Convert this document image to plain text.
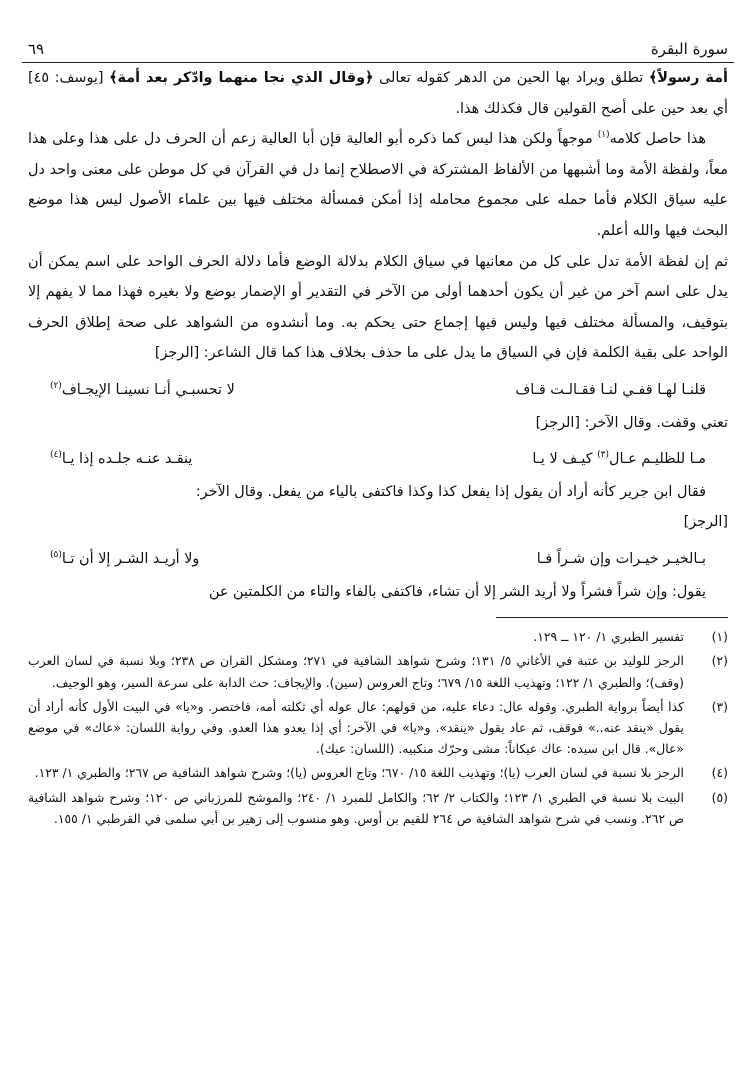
سورة البقرة
٦٩

أمة رسولاً﴾ تطلق ويراد بها الحين من الدهر كقوله تعالى ﴿وقال الذي نجا منهما وادّكر بعد أمة﴾ [يوسف: ٤٥] أي بعد حين على أصح القولين قال فكذلك هذا.

هذا حاصل كلامه$^{(١)}$ موجهاً ولكن هذا ليس كما ذكره أبو العالية فإن أبا العالية زعم أن الحرف دل على هذا وعلى هذا معاً، ولفظة الأمة وما أشبهها من الألفاظ المشتركة في الاصطلاح إنما دل في القرآن في كل موطن على معنى واحد دل عليه سياق الكلام فأما حمله على مجموع محامله إذا أمكن فمسألة مختلف فيها بين علماء الأصول ليس هذا موضع البحث فيها والله أعلم.

ثم إن لفظة الأمة تدل على كل من معانيها في سياق الكلام بدلالة الوضع فأما دلالة الحرف الواحد على اسم يمكن أن يدل على اسم آخر من غير أن يكون أحدهما أولى من الآخر في التقدير أو الإضمار بوضع ولا بغيره فهذا مما لا يفهم إلا بتوقيف، والمسألة مختلف فيها وليس فيها إجماع حتى يحكم به. وما أنشدوه من الشواهد على صحة إطلاق الحرف الواحد على بقية الكلمة فإن في السياق ما يدل على ما حذف بخلاف هذا كما قال الشاعر: [الرجز]

قلنـا لهـا قفـي لنـا فقـالـت قـاف
لا تحسبـي أنـا نسينـا الإيجـاف$^{(٢)}$

تعني وقفت. وقال الآخر: [الرجز]

مـا للظليـم عـال$^{(٣)}$ كيـف لا يـا
ينقـد عنـه جلـده إذا يـا$^{(٤)}$

فقال ابن جرير كأنه أراد أن يقول إذا يفعل كذا وكذا فاكتفى بالياء من يفعل. وقال الآخر:

[الرجز]

بـالخيـر خيـرات وإن شـراً فـا
ولا أريـد الشـر إلا أن تـا$^{(٥)}$

يقول: وإن شراً فشراً ولا أريد الشر إلا أن تشاء، فاكتفى بالفاء والتاء من الكلمتين عن

(١)
تفسير الطبري ١/ ١٢٠ ــ ١٢٩.
(٢)
الرجز للوليد بن عتبة في الأغاني ٥/ ١٣١؛ وشرح شواهد الشافية في ٢٧١؛ ومشكل القران ص ٢٣٨؛ وبلا نسبة في لسان العرب (وقف)؛ والطبري ١/ ١٢٢؛ وتهذيب اللغة ١٥/ ٦٧٩؛ وتاج العروس (سين). والإيجاف: حث الدابة على سرعة السير، وهو الوجيف.
(٣)
كذا أيضاً برواية الطبري. وقوله عال: دعاء عليه، من قولهم: عال عوله أي ثكلته أمه، فاختصر. و«يا» في البيت الأول كأنه أراد أن يقول «ينقد عنه..» فوقف، ثم عاد يقول «ينقد». و«يا» في الآخر: أي إذا يعدو هذا العدو. وفي رواية اللسان: «عاك» في موضع «عال». قال ابن سيده: عاك عيكاناً: مشى وحرّك منكبيه. (اللسان: عيك).
(٤)
الرجز بلا نسبة في لسان العرب (يا)؛ وتهذيب اللغة ١٥/ ٦٧٠؛ وتاج العروس (يا)؛ وشرح شواهد الشافية ص ٢٦٧؛ والطبري ١/ ١٢٣.
(٥)
البيت بلا نسبة في الطبري ١/ ١٢٣؛ والكتاب ٢/ ٦٢؛ والكامل للمبرد ١/ ٢٤٠؛ والموشح للمرزباني ص ١٢٠؛ وشرح شواهد الشافية ص ٢٦٢. ونسب في شرح شواهد الشافية ص ٢٦٤ للقيم بن أوس. وهو منسوب إلى زهير بن أبي سلمى في القرطبي ١/ ١٥٥.
